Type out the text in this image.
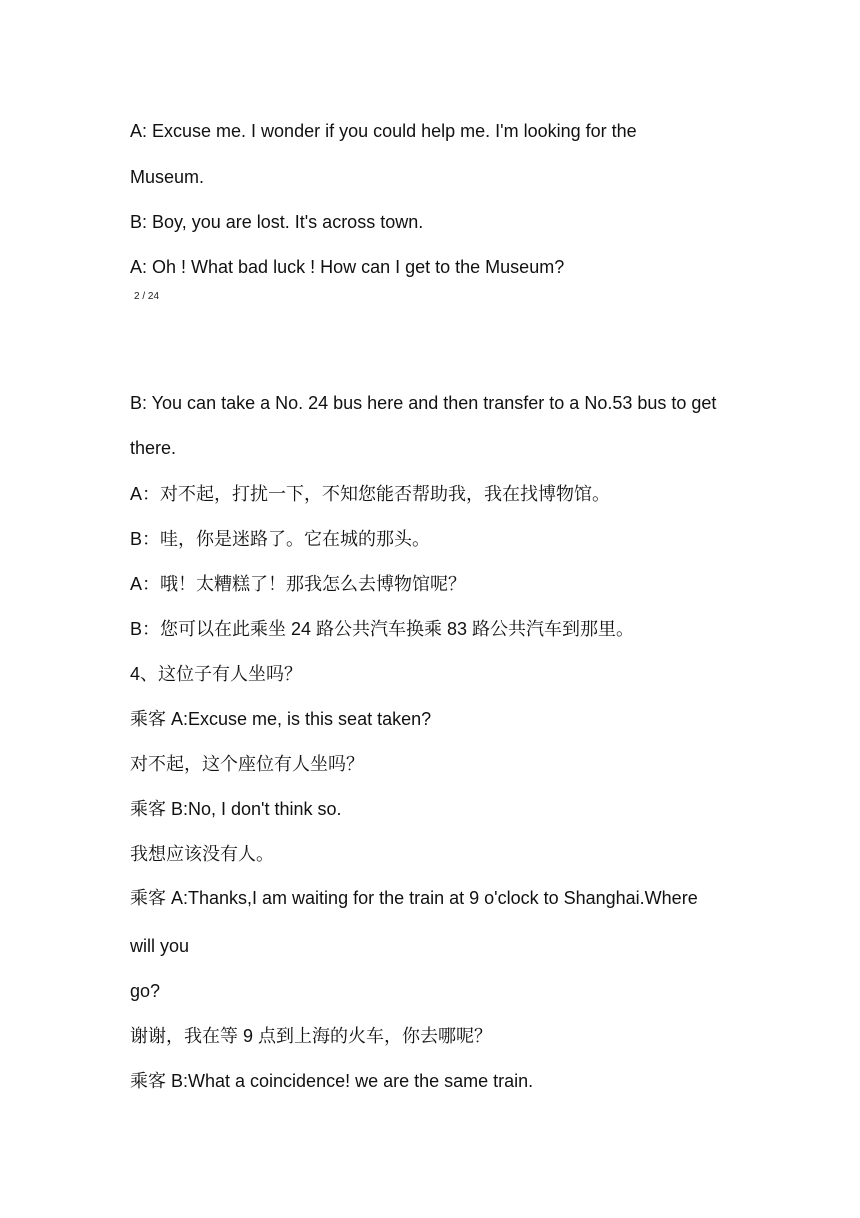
A: Excuse me. I wonder if you could help me. I'm looking for the
Museum.
B: Boy, you are lost. It's across town.
A: Oh ! What bad luck ! How can I get to the Museum?
2 / 24
B: You can take a No. 24 bus here and then transfer to a No.53 bus to get
there.
A：对不起，打扰一下，不知您能否帮助我，我在找博物馆。
B：哇，你是迷路了。它在城的那头。
A：哦！太糟糕了！那我怎么去博物馆呢？
B：您可以在此乘坐 24 路公共汽车换乘 83 路公共汽车到那里。
4、这位子有人坐吗？
乘客 A:Excuse me, is this seat taken?
对不起，这个座位有人坐吗？
乘客 B:No, I don't think so.
我想应该没有人。
乘客 A:Thanks,I am waiting for the train at 9 o'clock to Shanghai.Where
will you
go?
谢谢，我在等 9 点到上海的火车，你去哪呢？
乘客 B:What a coincidence! we are the same train.
